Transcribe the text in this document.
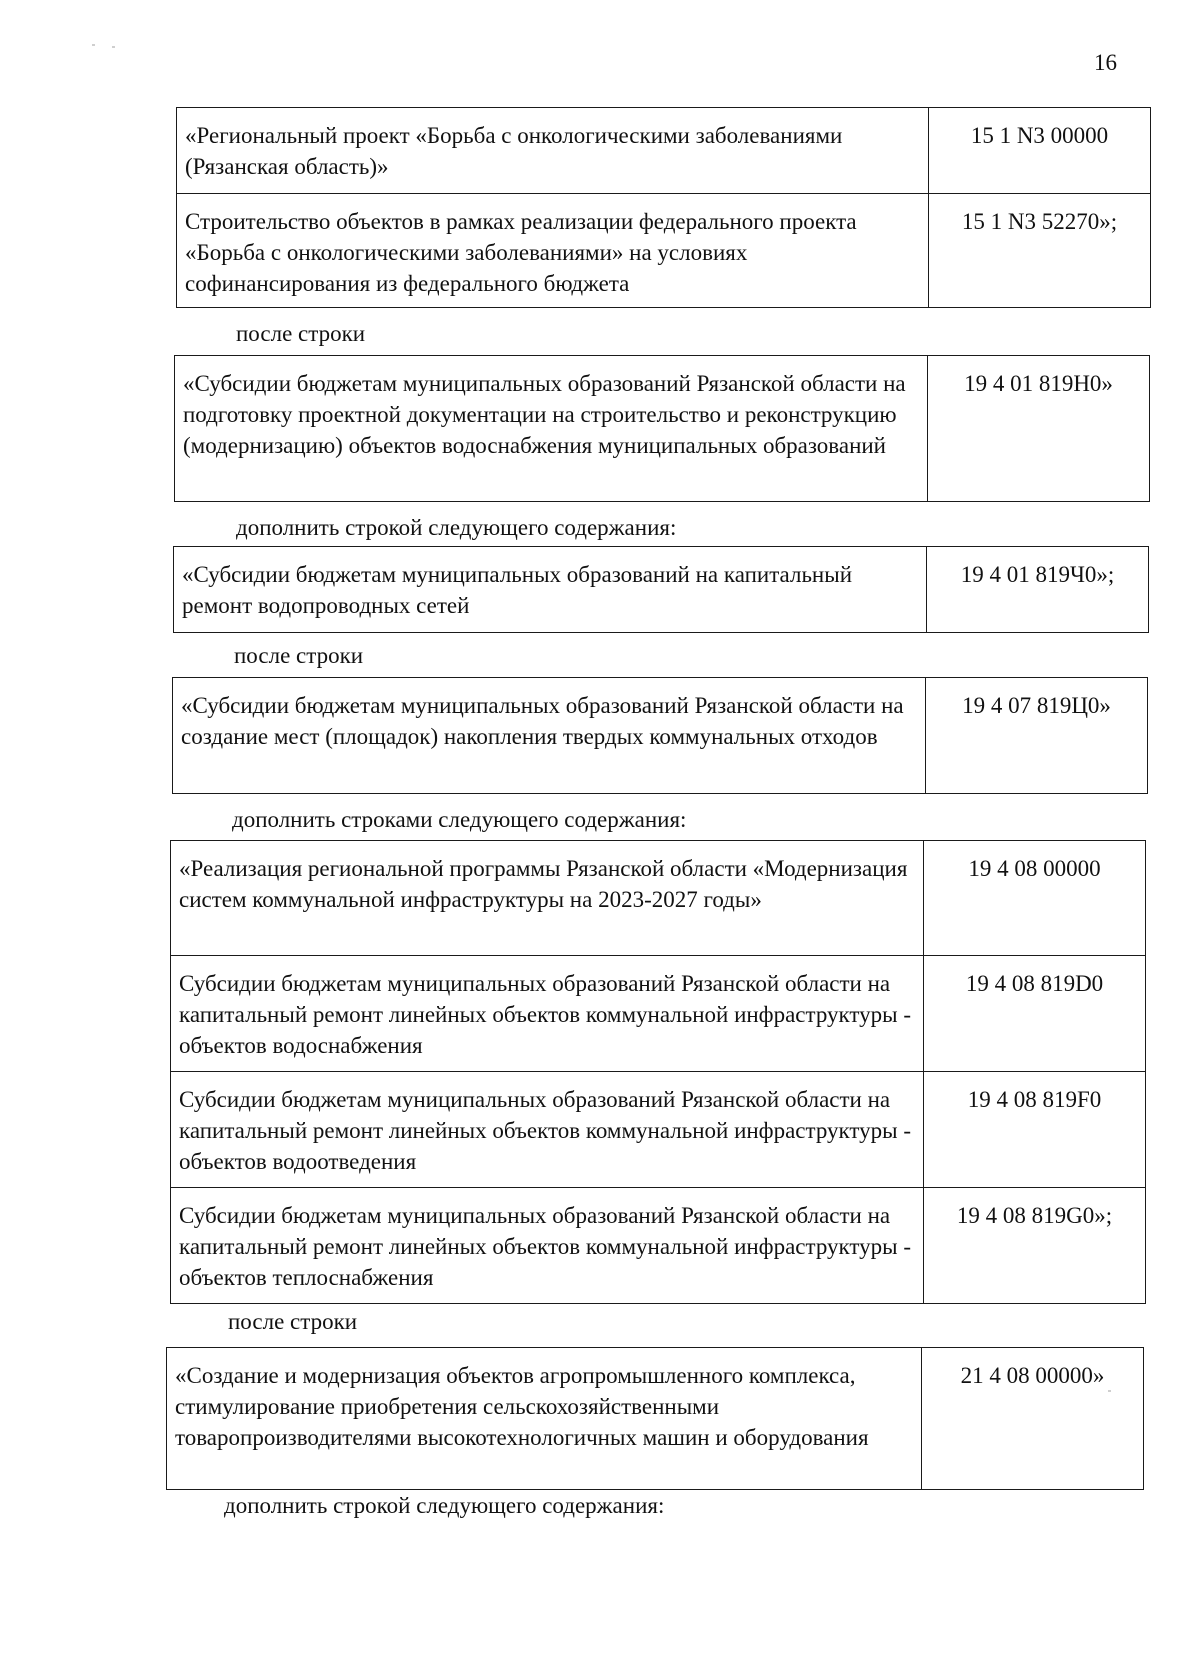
16
«Региональный проект «Борьба с онкологическими заболеваниями (Рязанская область)»	15 1 N3 00000
Строительство объектов в рамках реализации федерального проекта «Борьба с онкологическими заболеваниями» на условиях софинансирования из федерального бюджета	15 1 N3 52270»;
после строки
«Субсидии бюджетам муниципальных образований Рязанской области на подготовку проектной документации на строительство и реконструкцию (модернизацию) объектов водоснабжения муниципальных образований	19 4 01 819Н0»
дополнить строкой следующего содержания:
«Субсидии бюджетам муниципальных образований на капитальный ремонт водопроводных сетей	19 4 01 819Ч0»;
после строки
«Субсидии бюджетам муниципальных образований Рязанской области на создание мест (площадок) накопления твердых коммунальных отходов	19 4 07 819Ц0»
дополнить строками следующего содержания:
«Реализация региональной программы Рязанской области «Модернизация систем коммунальной инфраструктуры на 2023-2027 годы»	19 4 08 00000
Субсидии бюджетам муниципальных образований Рязанской области на капитальный ремонт линейных объектов коммунальной инфраструктуры - объектов водоснабжения	19 4 08 819D0
Субсидии бюджетам муниципальных образований Рязанской области на капитальный ремонт линейных объектов коммунальной инфраструктуры - объектов водоотведения	19 4 08 819F0
Субсидии бюджетам муниципальных образований Рязанской области на капитальный ремонт линейных объектов коммунальной инфраструктуры - объектов теплоснабжения	19 4 08 819G0»;
после строки
«Создание и модернизация объектов агропромышленного комплекса, стимулирование приобретения сельскохозяйственными товаропроизводителями высокотехнологичных машин и оборудования	21 4 08 00000»
дополнить строкой следующего содержания:
